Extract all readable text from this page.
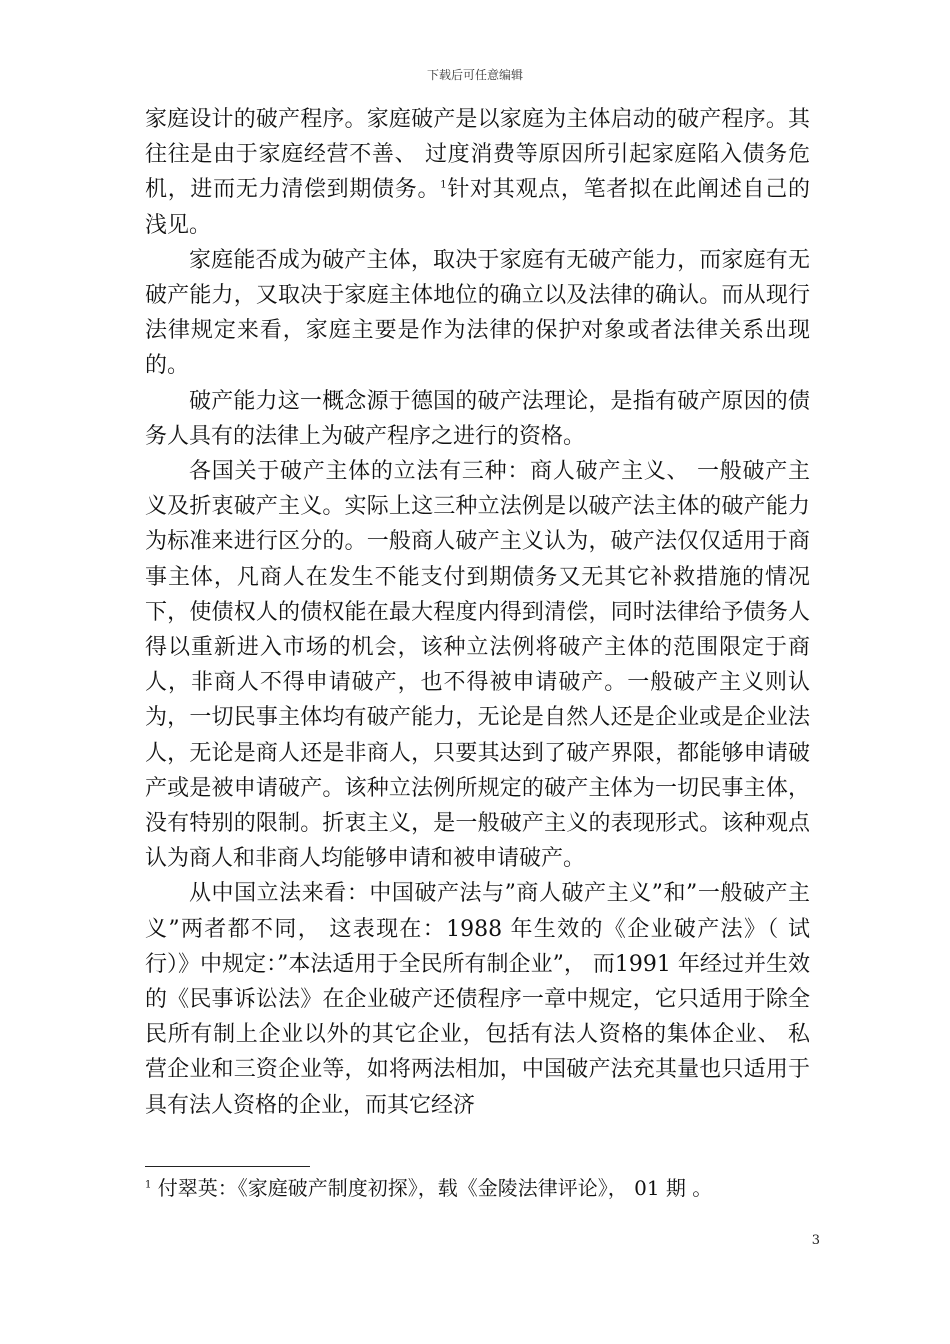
下载后可任意编辑

家庭设计的破产程序。家庭破产是以家庭为主体启动的破产程序。其往往是由于家庭经营不善、 过度消费等原因所引起家庭陷入债务危机，进而无力清偿到期债务。$^1$针对其观点，笔者拟在此阐述自己的浅见。

家庭能否成为破产主体，取决于家庭有无破产能力，而家庭有无破产能力，又取决于家庭主体地位的确立以及法律的确认。而从现行法律规定来看，家庭主要是作为法律的保护对象或者法律关系出现的。

破产能力这一概念源于德国的破产法理论，是指有破产原因的债务人具有的法律上为破产程序之进行的资格。

各国关于破产主体的立法有三种：商人破产主义、 一般破产主义及折衷破产主义。实际上这三种立法例是以破产法主体的破产能力为标准来进行区分的。一般商人破产主义认为，破产法仅仅适用于商事主体，凡商人在发生不能支付到期债务又无其它补救措施的情况下，使债权人的债权能在最大程度内得到清偿，同时法律给予债务人得以重新进入市场的机会，该种立法例将破产主体的范围限定于商人，非商人不得申请破产，也不得被申请破产。一般破产主义则认为，一切民事主体均有破产能力，无论是自然人还是企业或是企业法人，无论是商人还是非商人，只要其达到了破产界限，都能够申请破产或是被申请破产。该种立法例所规定的破产主体为一切民事主体，没有特别的限制。折衷主义，是一般破产主义的表现形式。该种观点认为商人和非商人均能够申请和被申请破产。

从中国立法来看：中国破产法与”商人破产主义”和”一般破产主义”两者都不同， 这表现在：1988 年生效的《企业破产法》（ 试行）》中规定：”本法适用于全民所有制企业”， 而1991 年经过并生效的《民事诉讼法》在企业破产还债程序一章中规定，它只适用于除全民所有制上企业以外的其它企业，包括有法人资格的集体企业、 私营企业和三资企业等，如将两法相加，中国破产法充其量也只适用于具有法人资格的企业，而其它经济

$^1$ 付翠英：《家庭破产制度初探》，载《金陵法律评论》， 01 期 。
3
